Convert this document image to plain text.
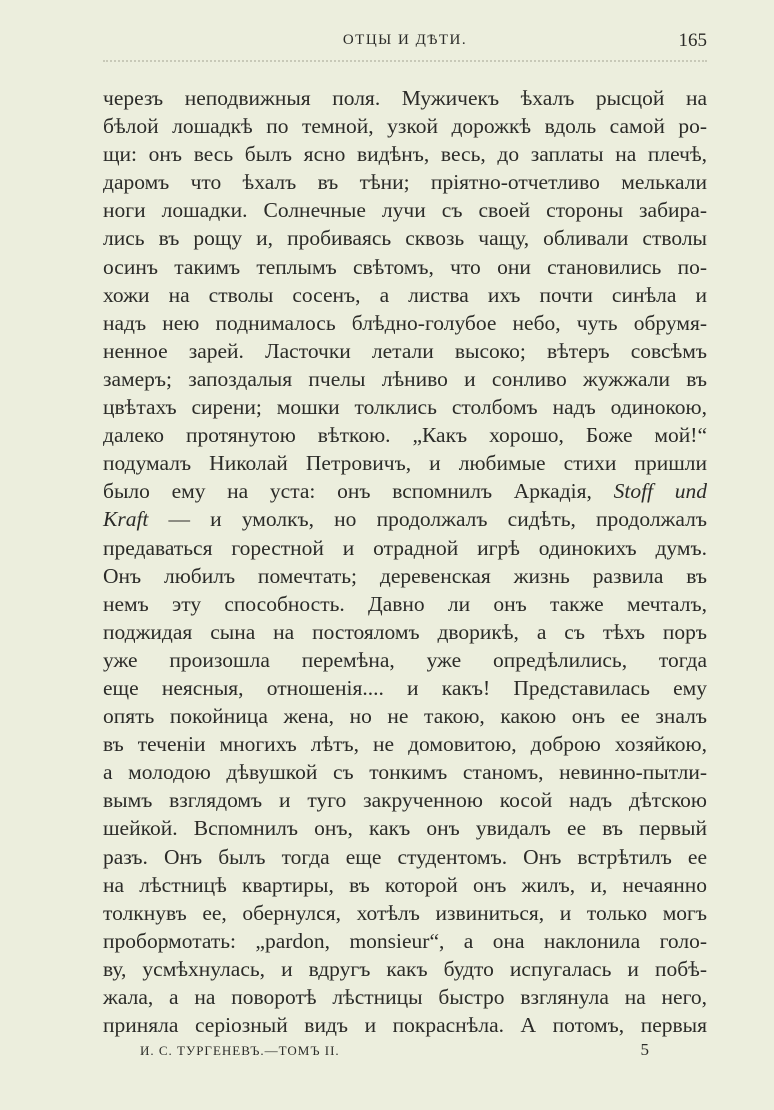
ОТЦЫ И ДѢТИ.	165
черезъ неподвижныя поля. Мужичекъ ѣхалъ рысцой на
бѣлой лошадкѣ по темной, узкой дорожкѣ вдоль самой ро-
щи: онъ весь былъ ясно видѣнъ, весь, до заплаты на плечѣ,
даромъ что ѣхалъ въ тѣни; пріятно-отчетливо мелькали
ноги лошадки. Солнечные лучи съ своей стороны забира-
лись въ рощу и, пробиваясь сквозь чащу, обливали стволы
осинъ такимъ теплымъ свѣтомъ, что они становились по-
хожи на стволы сосенъ, а листва ихъ почти синѣла и
надъ нею поднималось блѣдно-голубое небо, чуть обрумя-
ненное зарей. Ласточки летали высоко; вѣтеръ совсѣмъ
замеръ; запоздалыя пчелы лѣниво и сонливо жужжали въ
цвѣтахъ сирени; мошки толклись столбомъ надъ одинокою,
далеко протянутою вѣткою. „Какъ хорошо, Боже мой!“
подумалъ Николай Петровичъ, и любимые стихи пришли
было ему на уста: онъ вспомнилъ Аркадія, Stoff und
Kraft — и умолкъ, но продолжалъ сидѣть, продолжалъ
предаваться горестной и отрадной игрѣ одинокихъ думъ.
Онъ любилъ помечтать; деревенская жизнь развила въ
немъ эту способность. Давно ли онъ также мечталъ,
поджидая сына на постояломъ дворикѣ, а съ тѣхъ поръ
уже произошла перемѣна, уже опредѣлились, тогда
еще неясныя, отношенія.... и какъ! Представилась ему
опять покойница жена, но не такою, какою онъ ее зналъ
въ теченіи многихъ лѣтъ, не домовитою, доброю хозяйкою,
а молодою дѣвушкой съ тонкимъ станомъ, невинно-пытли-
вымъ взглядомъ и туго закрученною косой надъ дѣтскою
шейкой. Вспомнилъ онъ, какъ онъ увидалъ ее въ первый
разъ. Онъ былъ тогда еще студентомъ. Онъ встрѣтилъ ее
на лѣстницѣ квартиры, въ которой онъ жилъ, и, нечаянно
толкнувъ ее, обернулся, хотѣлъ извиниться, и только могъ
пробормотать: „pardon, monsieur“, а она наклонила голо-
ву, усмѣхнулась, и вдругъ какъ будто испугалась и побѣ-
жала, а на поворотѣ лѣстницы быстро взглянула на него,
приняла серіозный видъ и покраснѣла. А потомъ, первыя
И. С. ТУРГЕНЕВЪ.—ТОМЪ II.	5
